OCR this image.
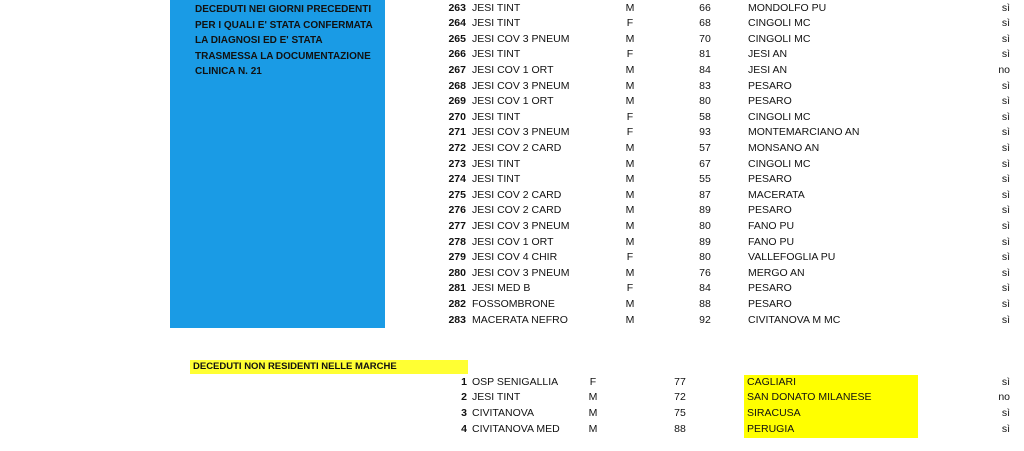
DECEDUTI NEI GIORNI PRECEDENTI
PER I QUALI E' STATA CONFERMATA
LA DIAGNOSI ED E' STATA
TRASMESSA LA DOCUMENTAZIONE
CLINICA N. 21
263 JESI TINT	M	66	MONDOLFO PU	sì
264 JESI TINT	F	68	CINGOLI MC	sì
265 JESI COV 3 PNEUM	M	70	CINGOLI MC	sì
266 JESI TINT	F	81	JESI AN	sì
267 JESI COV 1 ORT	M	84	JESI AN	no
268 JESI COV 3 PNEUM	M	83	PESARO	sì
269 JESI COV 1 ORT	M	80	PESARO	sì
270 JESI TINT	F	58	CINGOLI MC	sì
271 JESI COV 3 PNEUM	F	93	MONTEMARCIANO AN	sì
272 JESI COV 2 CARD	M	57	MONSANO AN	sì
273 JESI TINT	M	67	CINGOLI MC	sì
274 JESI TINT	M	55	PESARO	sì
275 JESI COV 2 CARD	M	87	MACERATA	sì
276 JESI COV 2 CARD	M	89	PESARO	sì
277 JESI COV 3 PNEUM	M	80	FANO PU	sì
278 JESI COV 1 ORT	M	89	FANO PU	sì
279 JESI COV 4 CHIR	F	80	VALLEFOGLIA PU	sì
280 JESI COV 3 PNEUM	M	76	MERGO AN	sì
281 JESI MED B	F	84	PESARO	sì
282 FOSSOMBRONE	M	88	PESARO	sì
283 MACERATA NEFRO	M	92	CIVITANOVA M MC	sì
DECEDUTI NON RESIDENTI NELLE MARCHE
1 OSP SENIGALLIA	F	77	CAGLIARI	sì
2 JESI TINT	M	72	SAN DONATO MILANESE	no
3 CIVITANOVA	M	75	SIRACUSA	sì
4 CIVITANOVA MED	M	88	PERUGIA	sì
